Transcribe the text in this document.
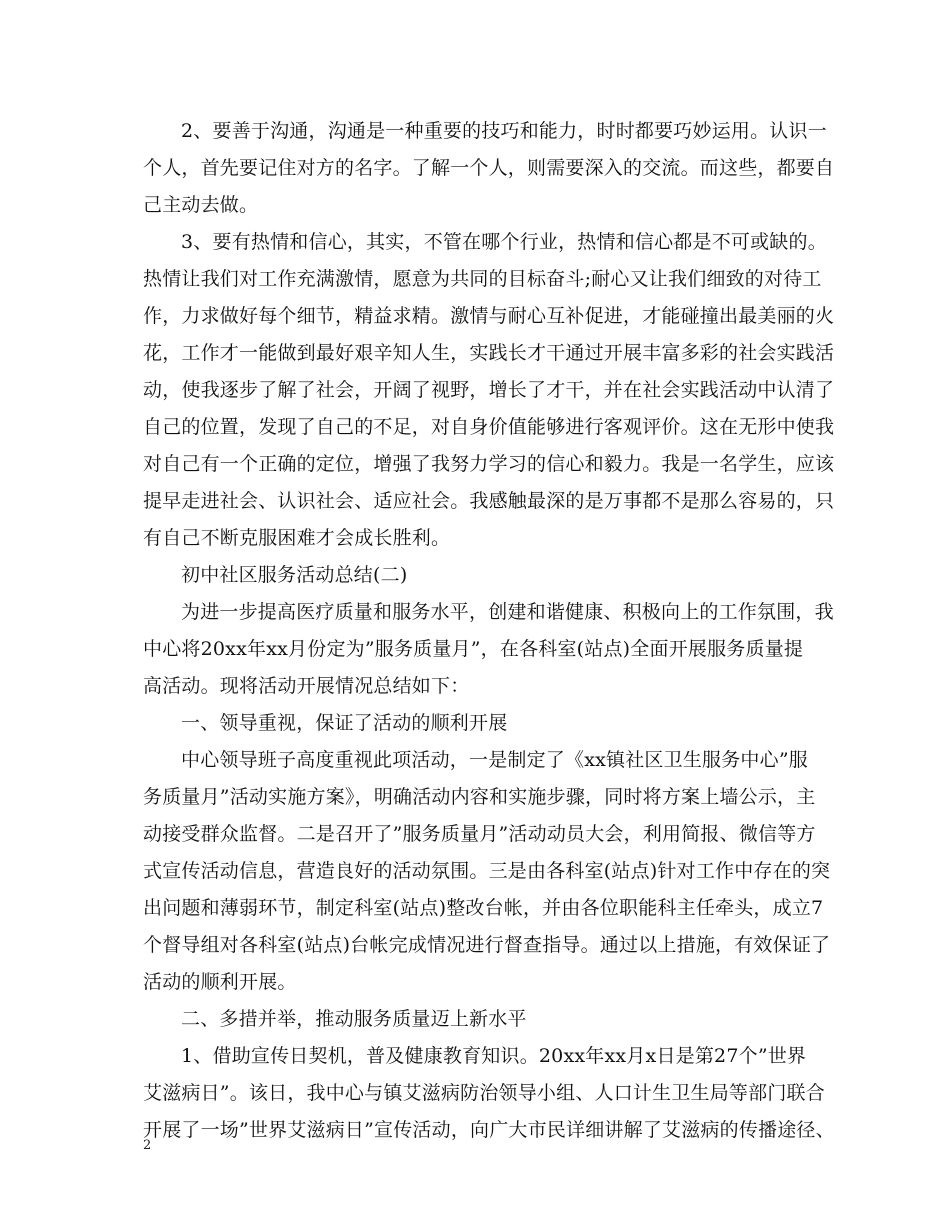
2、要善于沟通，沟通是一种重要的技巧和能力，时时都要巧妙运用。认识一
个人，首先要记住对方的名字。了解一个人，则需要深入的交流。而这些，都要自
己主动去做。
3、要有热情和信心，其实，不管在哪个行业，热情和信心都是不可或缺的。
热情让我们对工作充满激情，愿意为共同的目标奋斗;耐心又让我们细致的对待工
作，力求做好每个细节，精益求精。激情与耐心互补促进，才能碰撞出最美丽的火
花，工作才一能做到最好艰辛知人生，实践长才干通过开展丰富多彩的社会实践活
动，使我逐步了解了社会，开阔了视野，增长了才干，并在社会实践活动中认清了
自己的位置，发现了自己的不足，对自身价值能够进行客观评价。这在无形中使我
对自己有一个正确的定位，增强了我努力学习的信心和毅力。我是一名学生，应该
提早走进社会、认识社会、适应社会。我感触最深的是万事都不是那么容易的，只
有自己不断克服困难才会成长胜利。
初中社区服务活动总结(二)
为进一步提高医疗质量和服务水平，创建和谐健康、积极向上的工作氛围，我
中心将20xx年xx月份定为”服务质量月”，在各科室(站点)全面开展服务质量提
高活动。现将活动开展情况总结如下：
一、领导重视，保证了活动的顺利开展
中心领导班子高度重视此项活动，一是制定了《xx镇社区卫生服务中心”服
务质量月”活动实施方案》，明确活动内容和实施步骤，同时将方案上墙公示，主
动接受群众监督。二是召开了”服务质量月”活动动员大会，利用简报、微信等方
式宣传活动信息，营造良好的活动氛围。三是由各科室(站点)针对工作中存在的突
出问题和薄弱环节，制定科室(站点)整改台帐，并由各位职能科主任牵头，成立7
个督导组对各科室(站点)台帐完成情况进行督查指导。通过以上措施，有效保证了
活动的顺利开展。
二、多措并举，推动服务质量迈上新水平
1、借助宣传日契机，普及健康教育知识。20xx年xx月x日是第27个”世界
艾滋病日”。该日，我中心与镇艾滋病防治领导小组、人口计生卫生局等部门联合
开展了一场”世界艾滋病日”宣传活动，向广大市民详细讲解了艾滋病的传播途径、
2
